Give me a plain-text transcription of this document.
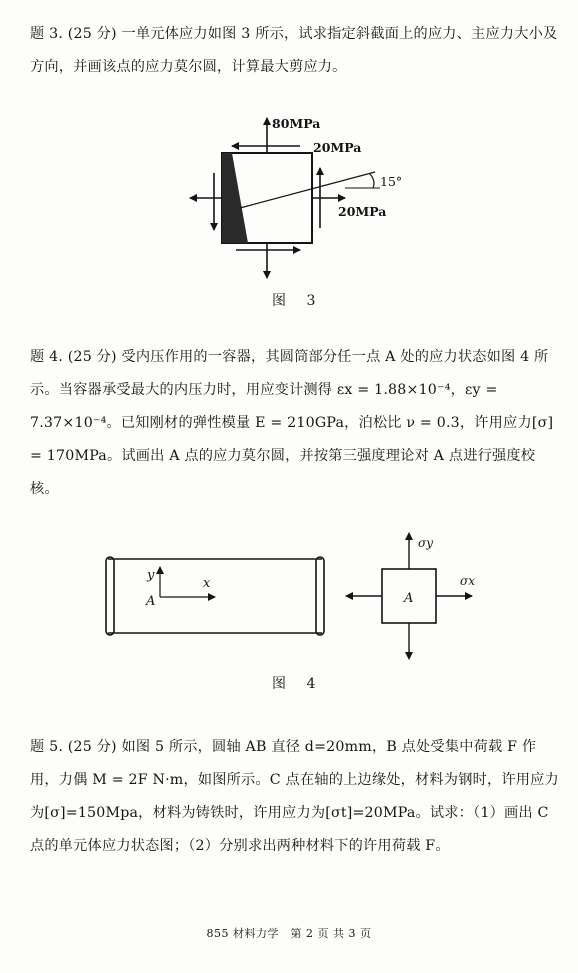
题 3. (25 分) 一单元体应力如图 3 所示，试求指定斜截面上的应力、主应力大小及方向，并画该点的应力莫尔圆，计算最大剪应力。

80MPa
20MPa
20MPa
15°
图 3

题 4. (25 分) 受内压作用的一容器，其圆筒部分任一点 A 处的应力状态如图 4 所示。当容器承受最大的内压力时，用应变计测得 εx = 1.88×10⁻⁴，εy = 7.37×10⁻⁴。已知刚材的弹性模量 E = 210GPa，泊松比 ν = 0.3，许用应力[σ] = 170MPa。试画出 A 点的应力莫尔圆，并按第三强度理论对 A 点进行强度校核。

y
x
A	A
σy
σx
图 4

题 5. (25 分) 如图 5 所示，圆轴 AB 直径 d=20mm，B 点处受集中荷载 F 作用，力偶 M = 2F N·m，如图所示。C 点在轴的上边缘处，材料为钢时，许用应力为[σ]=150Mpa，材料为铸铁时，许用应力为[σt]=20MPa。试求：（1）画出 C 点的单元体应力状态图；（2）分别求出两种材料下的许用荷载 F。

855 材料力学　第 2 页 共 3 页
